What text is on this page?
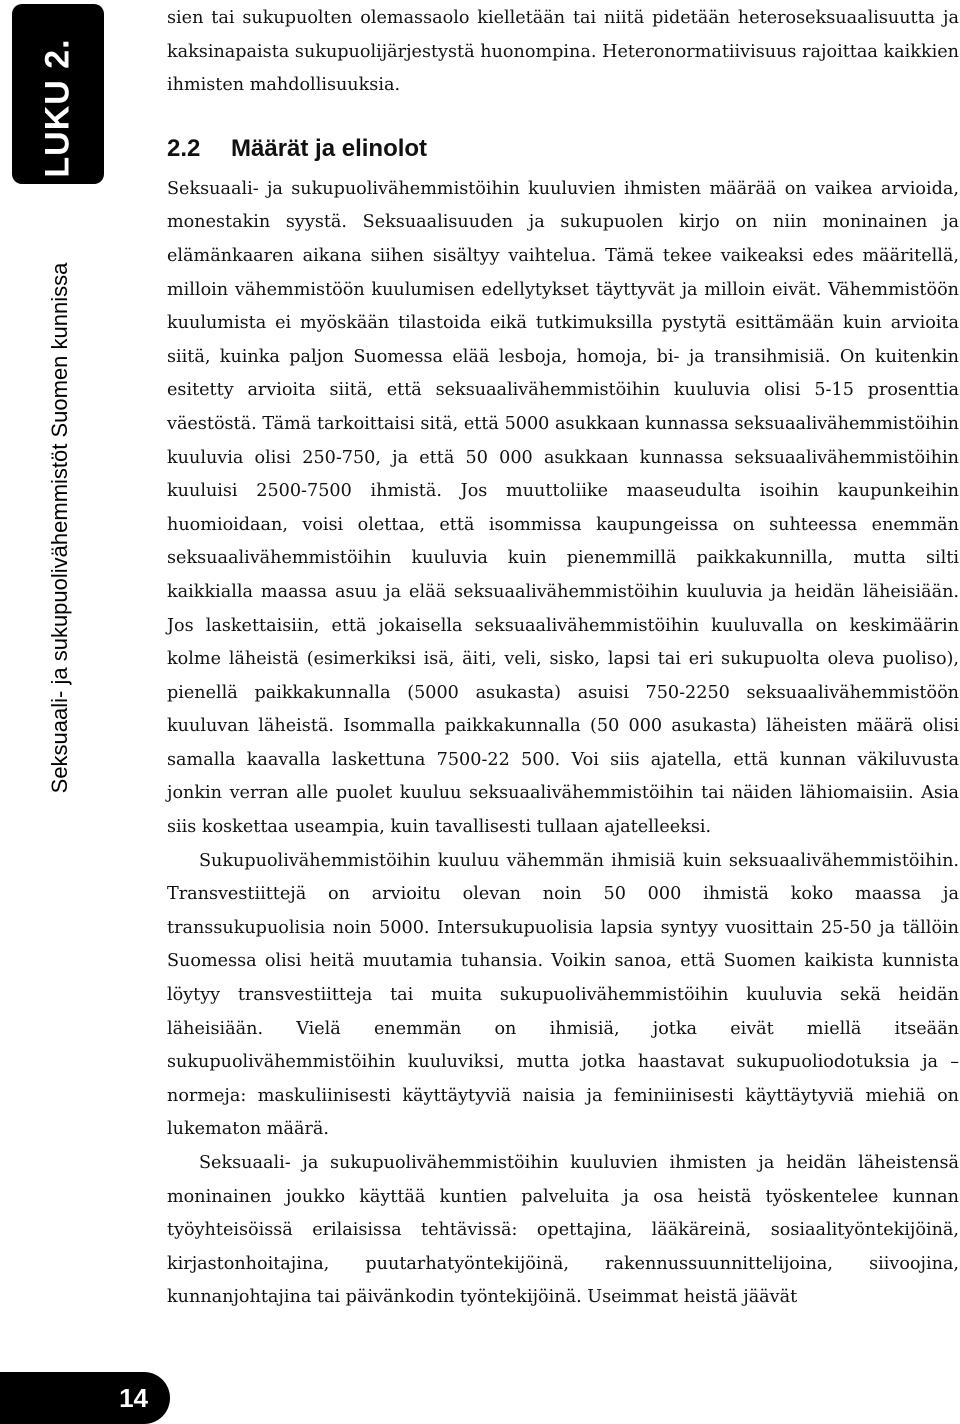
LUKU 2.
Seksuaali- ja sukupuolivähemmistöt Suomen kunnissa
14

sien tai sukupuolten olemassaolo kielletään tai niitä pidetään heteroseksuaalisuutta ja kaksinapaista sukupuolijärjestystä huonompina. Heteronormatiivisuus rajoittaa kaikkien ihmisten mahdollisuuksia.

2.2 Määrät ja elinolot

Seksuaali- ja sukupuolivähemmistöihin kuuluvien ihmisten määrää on vaikea arvioida, monestakin syystä. Seksuaalisuuden ja sukupuolen kirjo on niin moninainen ja elämänkaaren aikana siihen sisältyy vaihtelua. Tämä tekee vaikeaksi edes määritellä, milloin vähemmistöön kuulumisen edellytykset täyttyvät ja milloin eivät. Vähemmistöön kuulumista ei myöskään tilastoida eikä tutkimuksilla pystytä esittämään kuin arvioita siitä, kuinka paljon Suomessa elää lesboja, homoja, bi- ja transihmisiä. On kuitenkin esitetty arvioita siitä, että seksuaalivähemmistöihin kuuluvia olisi 5-15 prosenttia väestöstä. Tämä tarkoittaisi sitä, että 5000 asukkaan kunnassa seksuaalivähemmistöihin kuuluvia olisi 250-750, ja että 50 000 asukkaan kunnassa seksuaalivähemmistöihin kuuluisi 2500-7500 ihmistä. Jos muuttoliike maaseudulta isoihin kaupunkeihin huomioidaan, voisi olettaa, että isommissa kaupungeissa on suhteessa enemmän seksuaalivähemmistöihin kuuluvia kuin pienemmillä paikkakunnilla, mutta silti kaikkialla maassa asuu ja elää seksuaalivähemmistöihin kuuluvia ja heidän läheisiään. Jos laskettaisiin, että jokaisella seksuaalivähemmistöihin kuuluvalla on keskimäärin kolme läheistä (esimerkiksi isä, äiti, veli, sisko, lapsi tai eri sukupuolta oleva puoliso), pienellä paikkakunnalla (5000 asukasta) asuisi 750-2250 seksuaalivähemmistöön kuuluvan läheistä. Isommalla paikkakunnalla (50 000 asukasta) läheisten määrä olisi samalla kaavalla laskettuna 7500-22 500. Voi siis ajatella, että kunnan väkiluvusta jonkin verran alle puolet kuuluu seksuaalivähemmistöihin tai näiden lähiomaisiin. Asia siis koskettaa useampia, kuin tavallisesti tullaan ajatelleeksi.

Sukupuolivähemmistöihin kuuluu vähemmän ihmisiä kuin seksuaalivähemmistöihin. Transvestiittejä on arvioitu olevan noin 50 000 ihmistä koko maassa ja transsukupuolisia noin 5000. Intersukupuolisia lapsia syntyy vuosittain 25-50 ja tällöin Suomessa olisi heitä muutamia tuhansia. Voikin sanoa, että Suomen kaikista kunnista löytyy transvestiitteja tai muita sukupuolivähemmistöihin kuuluvia sekä heidän läheisiään. Vielä enemmän on ihmisiä, jotka eivät miellä itseään sukupuolivähemmistöihin kuuluviksi, mutta jotka haastavat sukupuoliodotuksia ja –normeja: maskuliinisesti käyttäytyviä naisia ja feminiinisesti käyttäytyviä miehiä on lukematon määrä.

Seksuaali- ja sukupuolivähemmistöihin kuuluvien ihmisten ja heidän läheistensä moninainen joukko käyttää kuntien palveluita ja osa heistä työskentelee kunnan työyhteisöissä erilaisissa tehtävissä: opettajina, lääkäreinä, sosiaalityöntekijöinä, kirjastonhoitajina, puutarhatyöntekijöinä, rakennussuunnittelijoina, siivoojina, kunnanjohtajina tai päivänkodin työntekijöinä. Useimmat heistä jäävät
